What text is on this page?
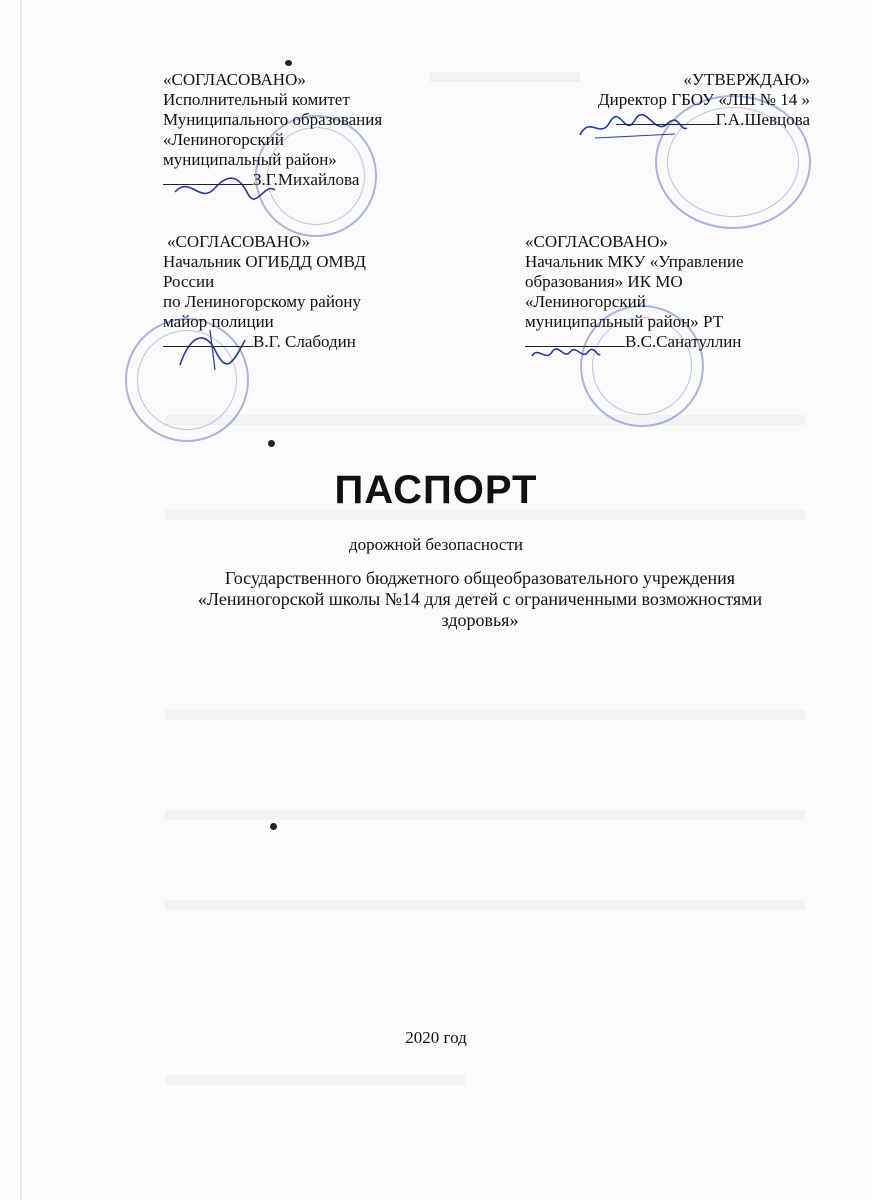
«СОГЛАСОВАНО»
Исполнительный комитет
Муниципального образования
«Лениногорский
муниципальный район»
З.Г.Михайлова
«УТВЕРЖДАЮ»
Директор ГБОУ «ЛШ № 14 »
Г.А.Шевцова
«СОГЛАСОВАНО»
Начальник ОГИБДД ОМВД
России
по Лениногорскому району
майор полиции
В.Г. Слабодин
«СОГЛАСОВАНО»
Начальник МКУ «Управление
образования» ИК МО
«Лениногорский
муниципальный район» РТ
В.С.Санатуллин
ПАСПОРТ
дорожной безопасности
Государственного бюджетного общеобразовательного учреждения
«Лениногорской школы №14 для детей с ограниченными возможностями
здоровья»
2020 год
